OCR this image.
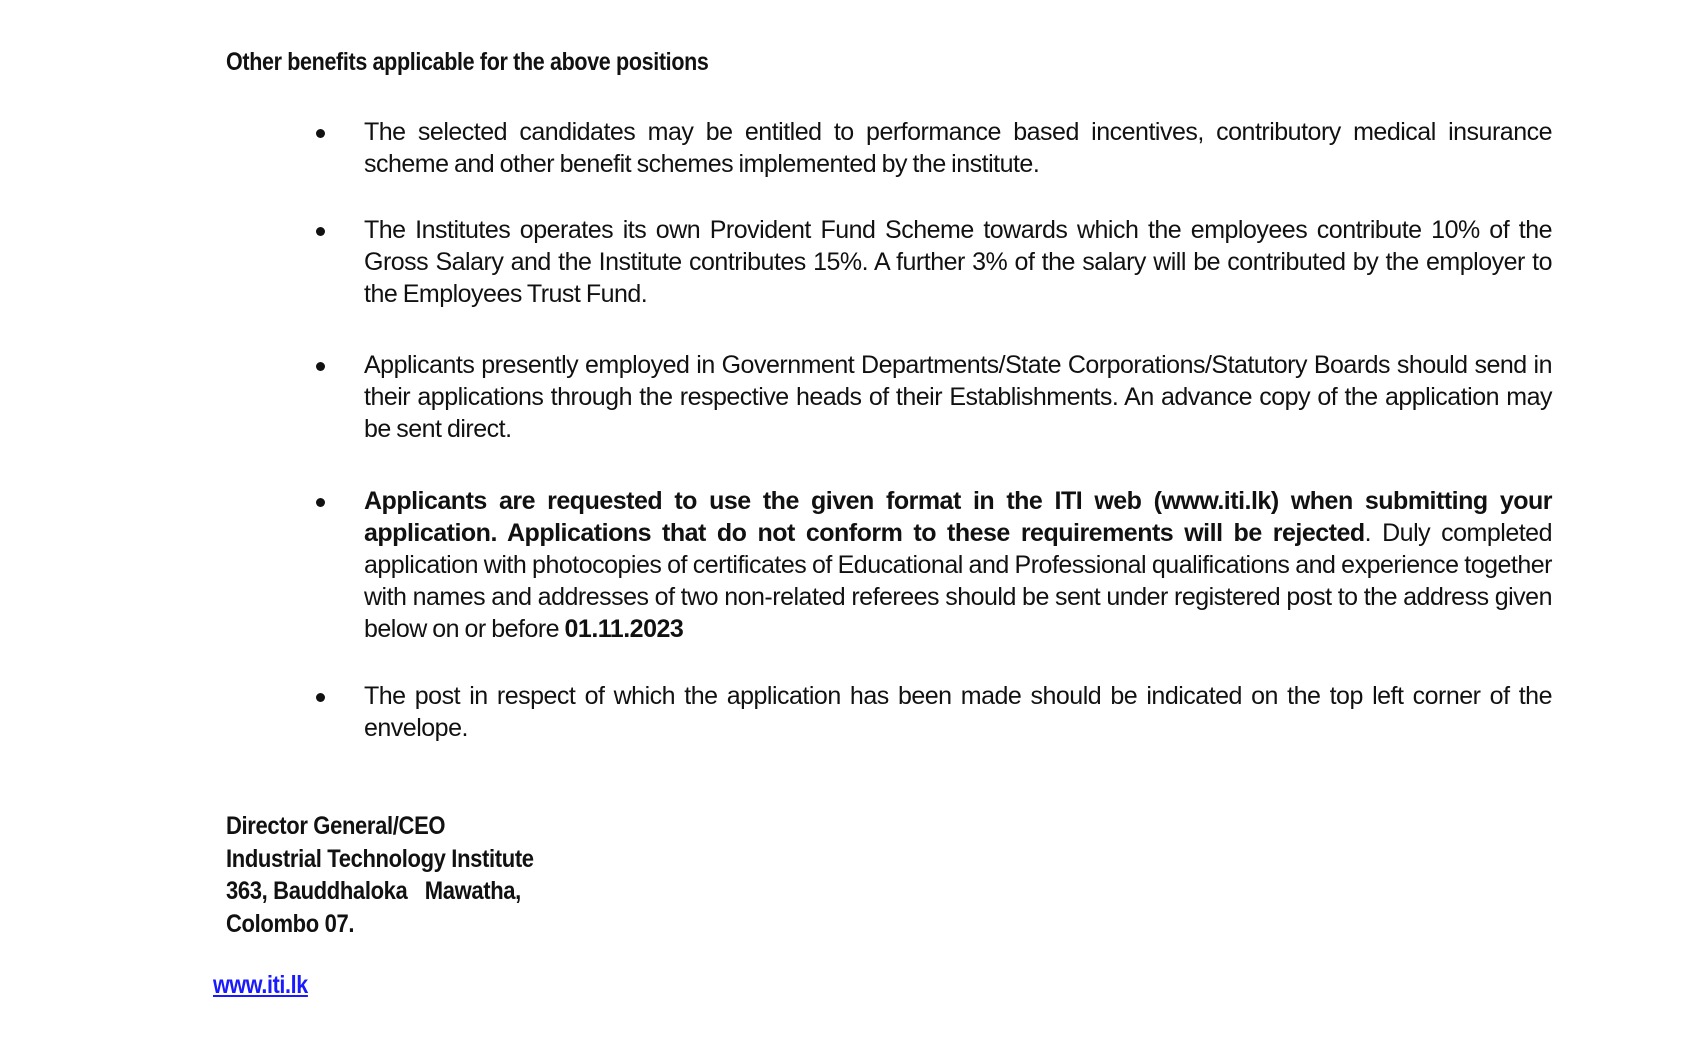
Other benefits applicable for the above positions
The selected candidates may be entitled to performance based incentives, contributory medical insurance scheme and other benefit schemes implemented by the institute.
The Institutes operates its own Provident Fund Scheme towards which the employees contribute 10% of the Gross Salary and the Institute contributes 15%. A further 3% of the salary will be contributed by the employer to the Employees Trust Fund.
Applicants presently employed in Government Departments/State Corporations/Statutory Boards should send in their applications through the respective heads of their Establishments. An advance copy of the application may be sent direct.
Applicants are requested to use the given format in the ITI web (www.iti.lk) when submitting your application. Applications that do not conform to these requirements will be rejected. Duly completed application with photocopies of certificates of Educational and Professional qualifications and experience together with names and addresses of two non-related referees should be sent under registered post to the address given below on or before 01.11.2023
The post in respect of which the application has been made should be indicated on the top left corner of the envelope.
Director General/CEO
Industrial Technology Institute
363, Bauddhaloka   Mawatha,
Colombo 07.
www.iti.lk
